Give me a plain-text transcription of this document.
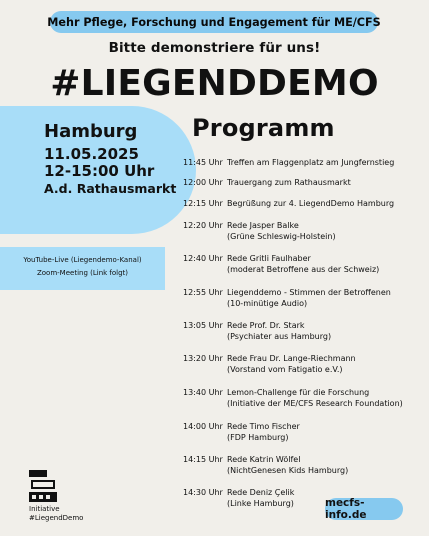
Mehr Pflege, Forschung und Engagement für ME/CFS
Bitte demonstriere für uns!
#LIEGENDDEMO
Hamburg
11.05.2025
12-15:00 Uhr
A.d. Rathausmarkt
YouTube-Live (Liegendemo-Kanal)
Zoom-Meeting (Link folgt)
Programm
11:45 Uhr Treffen am Flaggenplatz am Jungfernstieg
12:00 Uhr Trauergang zum Rathausmarkt
12:15 Uhr Begrüßung zur 4. LiegendDemo Hamburg
12:20 Uhr Rede Jasper Balke
(Grüne Schleswig-Holstein)
12:40 Uhr Rede Gritli Faulhaber
(moderat Betroffene aus der Schweiz)
12:55 Uhr Liegenddemo - Stimmen der Betroffenen
(10-minütige Audio)
13:05 Uhr Rede Prof. Dr. Stark
(Psychiater aus Hamburg)
13:20 Uhr Rede Frau Dr. Lange-Riechmann
(Vorstand vom Fatigatio e.V.)
13:40 Uhr Lemon-Challenge für die Forschung
(Initiative der ME/CFS Research Foundation)
14:00 Uhr Rede Timo Fischer
(FDP Hamburg)
14:15 Uhr Rede Katrin Wölfel
(NichtGenesen Kids Hamburg)
14:30 Uhr Rede Deniz Çelik
(Linke Hamburg)
Initiative
#LiegendDemo
mecfs-info.de
